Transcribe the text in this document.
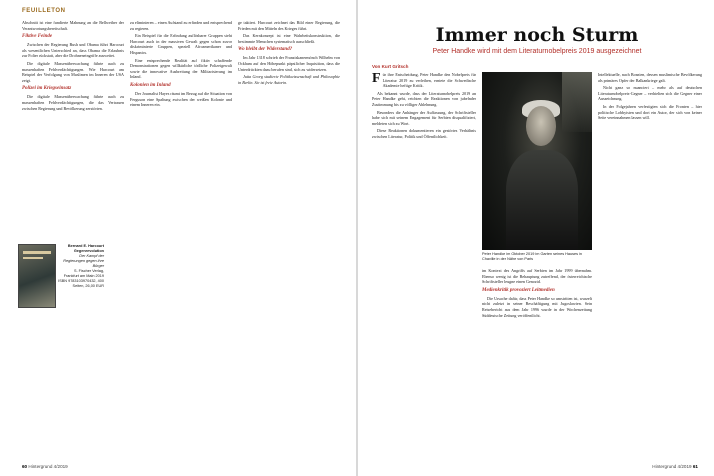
FEUILLETON

Abschnitt ist eine fundierte Mahnung an die Bellwether der Verantwortungsbereitschaft.

Fiktive Feinde

Zwischen der Regierung Bush und Obama führt Harcourt als wesentlichen Unterschied an, dass Obama die Erlaubnis zur Folter rückstatt, aber die Drohneneingriffe ausweitet.

Die digitale Massenüberwachung führte auch zu massenhaften Fehlverdächtigungen. Wie Harcourt am Beispiel der Verfolgung von Muslimen im Inneren der USA zeigt.

Polizei im Kriegseinsatz

Die digitale Massenüberwachung führte auch zu massenhaften Fehlverdächtigungen, die das Vertrauen zwischen Regierung und Bevölkerung zerstörten.

zu eliminieren – einen Aufstand zu erfinden und entsprechend zu regieren.

Ein Beispiel für die Erfindung auflösbarer Gruppen sieht Harcourt auch in der massiven Gewalt gegen schon zuvor diskriminierte Gruppen, speziell Afroamerikaner und Hispanics.

Eine entsprechende Realität auf fiktiv schaffende Demonstrationen gegen willkürliche tödliche Polizeigewalt sowie die innovative Ausbreitung der Militarisierung im Inland.

Kolonien im Inland

Der Journalist Hayes räumt im Bezug auf die Situation von Ferguson eine Spaltung zwischen der weißen Kolonie und einem Inneren ein.

ge taktiert. Harcourt zeichnet das Bild einer Regierung, die Frieden mit den Mitteln des Krieges führt.

Das Kernkonzept ist eine Wahrheitskonstruktion, die bestimmte Menschen systematisch ausschließt.

Wo bleibt der Widerstand?

Im Jahr 1318 schrieb der Franziskanermönch Wilhelm von Ockham auf den Höhepunkt päpstlicher Inquisition, dass die Unterdrückten dazu berufen sind, sich zu widersetzen.

Jutta Georg studierte Politikwissenschaft und Philosophie in Berlin. Sie ist freie Autorin.

Bernard E. Harcourt
Gegenrevolution
Der Kampf der Regierungen gegen ihre Bürger
S. Fischer Verlag, Frankfurt am Main 2019
ISBN 9783103970432, 400 Seiten, 26,00 EUR
60 Hintergrund 4/2019
Immer noch Sturm
Peter Handke wird mit dem Literaturnobelpreis 2019 ausgezeichnet
Von Kurt Gritsch

Für ihre Entscheidung, Peter Handke den Nobelpreis für Literatur 2019 zu verleihen, erntete die Schwedische Akademie heftige Kritik.

Als bekannt wurde, dass der Literaturnobelpreis 2019 an Peter Handke geht, reichten die Reaktionen von jubelnder Zustimmung bis zu völliger Ablehnung.

Besonders die Anhänger der Auffassung, der Schriftsteller habe sich mit seinem Engagement für Serbien disqualifiziert, meldeten sich zu Wort.

Diese Reaktionen dokumentieren ein gestörtes Verhältnis zwischen Literatur, Politik und Öffentlichkeit.

Peter Handke im Oktober 2019 im Garten seines Hauses in Chaville in der Nähe von Paris

im Kontext des Angriffs auf Serbien im Jahr 1999 übernahm. Ebenso wenig ist die Behauptung zutreffend, der österreichische Schriftsteller leugne einen Genozid.

Medienkritik provoziert Leitmedien

Die Ursache dafür, dass Peter Handke so umstritten ist, wurzelt nicht zuletzt in seiner Beschäftigung mit Jugoslawien. Sein Reisebericht aus dem Jahr 1996 wurde in der Wochenzeitung Süddeutsche Zeitung veröffentlicht.

Intellektuelle, nach Bosnien, dessen muslimische Bevölkerung als primäres Opfer der Balkankriege galt.

Nicht ganz so nuanciert – mehr als auf deutschen Literaturnobelpreis-Gegner – verhielten sich die Gegner einer Auszeichnung.

In der Folgejahren verfestigten sich die Fronten – hier politische Lobbyisten und dort ein Autor, der sich von keiner Seite vereinnahmen lassen will.

Hintergrund 4/2019 61
